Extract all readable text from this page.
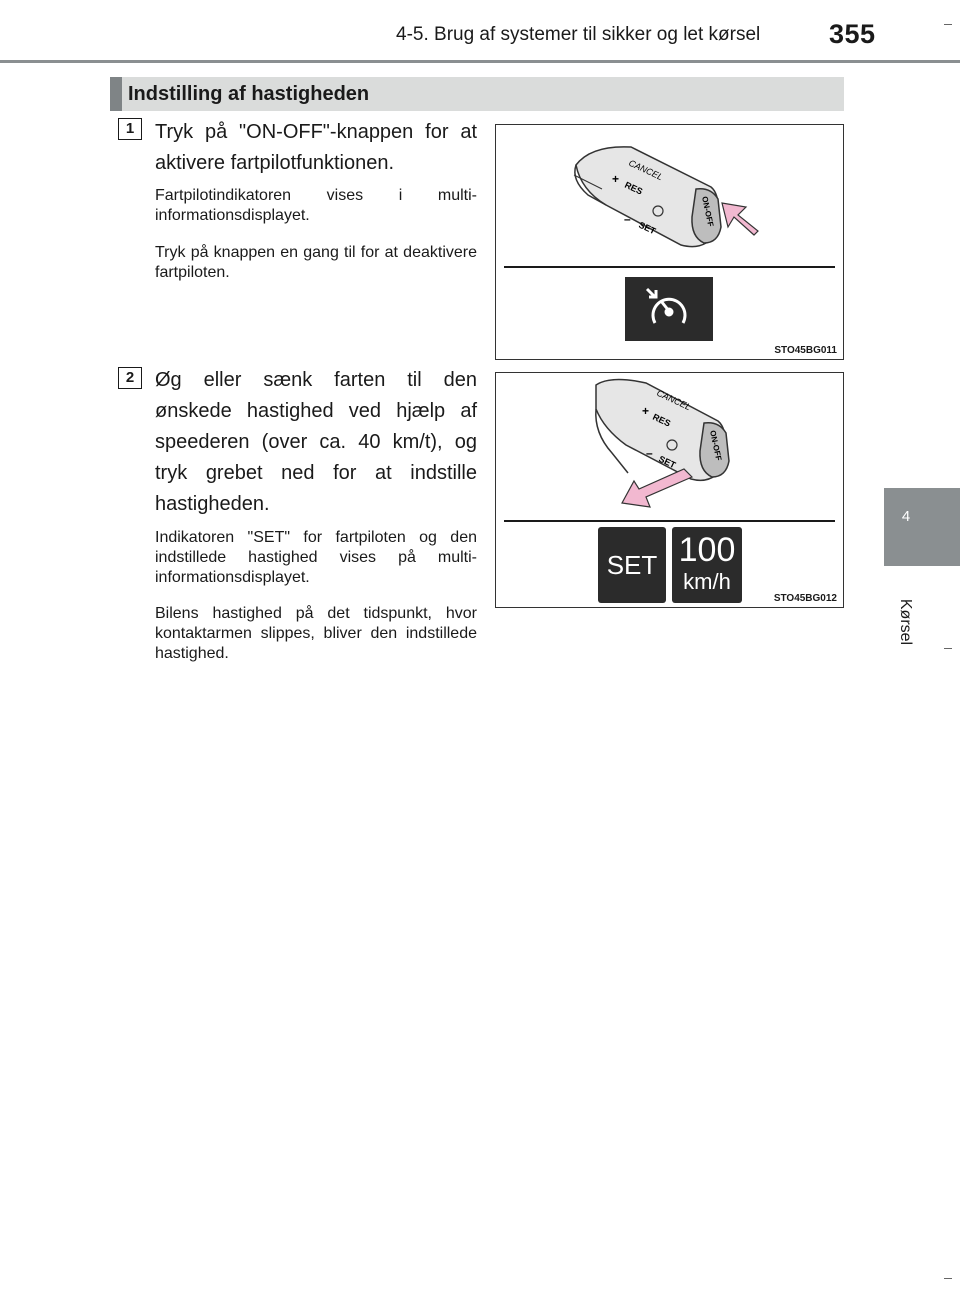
4-5. Brug af systemer til sikker og let kørsel	355
4
Kørsel
Indstilling af hastigheden
1	Tryk på "ON-OFF"-knappen for at aktivere fartpilotfunktionen.
Fartpilotindikatoren vises i multi-informationsdisplayet.
Tryk på knappen en gang til for at deaktivere fartpiloten.
CANCEL
+
RES
–
SET
ON-OFF
STO45BG011
2	Øg eller sænk farten til den ønskede hastighed ved hjælp af speederen (over ca. 40 km/t), og tryk grebet ned for at indstille hastigheden.
Indikatoren "SET" for fartpiloten og den indstillede hastighed vises på multi-informationsdisplayet.
Bilens hastighed på det tidspunkt, hvor kontaktarmen slippes, bliver den indstillede hastighed.
CANCEL
+
RES
–
SET
ON-OFF
SET 100
km/h
STO45BG012
